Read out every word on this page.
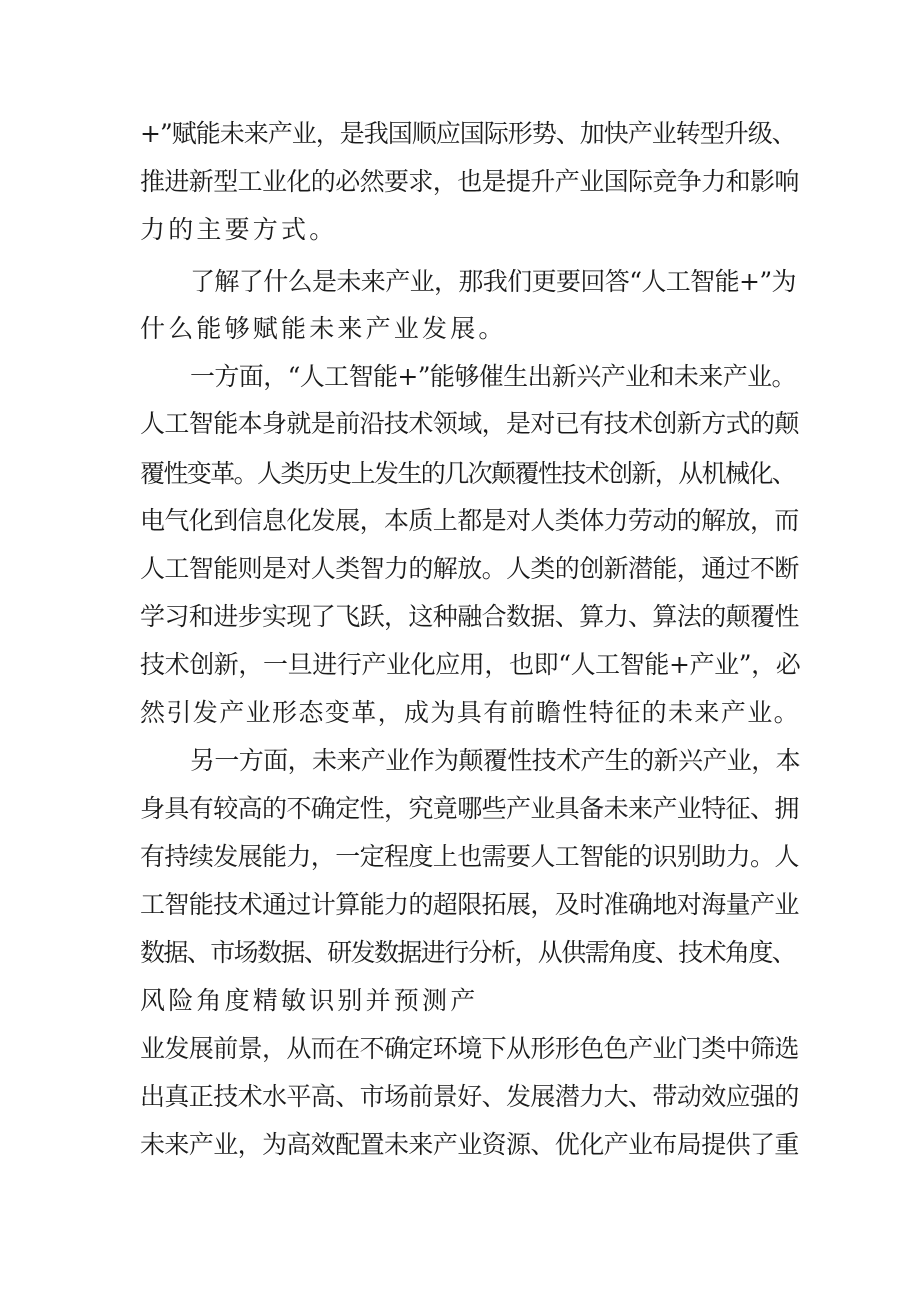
+”赋能未来产业，是我国顺应国际形势、加快产业转型升级、
推进新型工业化的必然要求，也是提升产业国际竞争力和影响
力的主要方式。
了解了什么是未来产业，那我们更要回答“人工智能+”为
什么能够赋能未来产业发展。
一方面，“人工智能+”能够催生出新兴产业和未来产业。
人工智能本身就是前沿技术领域，是对已有技术创新方式的颠
覆性变革。人类历史上发生的几次颠覆性技术创新，从机械化、
电气化到信息化发展，本质上都是对人类体力劳动的解放，而
人工智能则是对人类智力的解放。人类的创新潜能，通过不断
学习和进步实现了飞跃，这种融合数据、算力、算法的颠覆性
技术创新，一旦进行产业化应用，也即“人工智能+产业”，必
然引发产业形态变革，成为具有前瞻性特征的未来产业。
另一方面，未来产业作为颠覆性技术产生的新兴产业，本
身具有较高的不确定性，究竟哪些产业具备未来产业特征、拥
有持续发展能力，一定程度上也需要人工智能的识别助力。人
工智能技术通过计算能力的超限拓展，及时准确地对海量产业
数据、市场数据、研发数据进行分析，从供需角度、技术角度、
风险角度精敏识别并预测产
业发展前景，从而在不确定环境下从形形色色产业门类中筛选
出真正技术水平高、市场前景好、发展潜力大、带动效应强的
未来产业，为高效配置未来产业资源、优化产业布局提供了重
